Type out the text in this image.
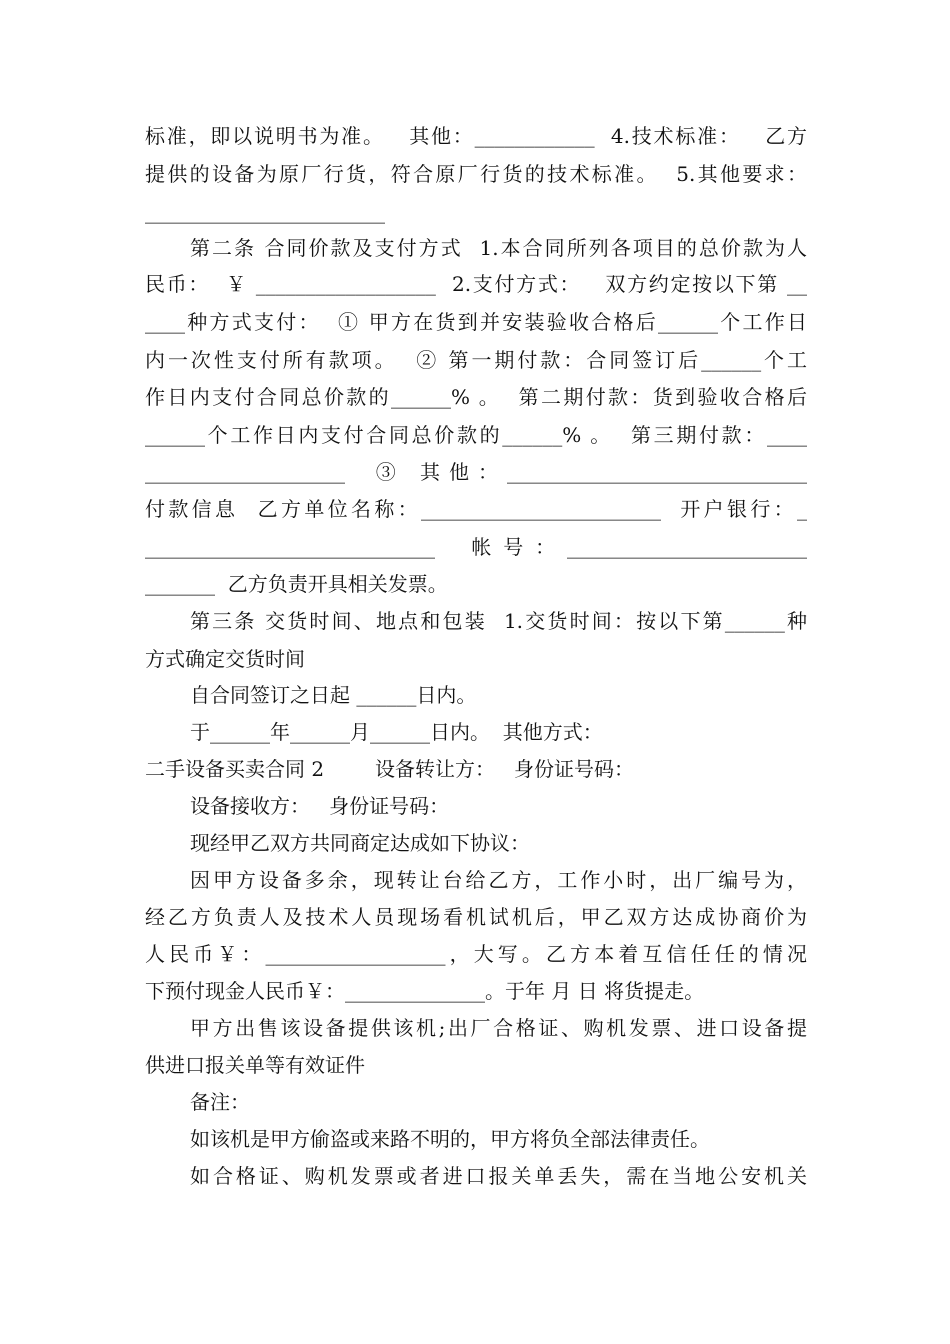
标准，即以说明书为准。   其他：____________  4.技术标准：   乙方

提供的设备为原厂行货，符合原厂行货的技术标准。  5.其他要求：

________________________

第二条 合同价款及支付方式  1.本合同所列各项目的总价款为人

民币：  ￥ __________________  2.支付方式：   双方约定按以下第 __

____种方式支付：  ① 甲方在货到并安装验收合格后______个工作日

内一次性支付所有款项。  ② 第一期付款：合同签订后______个工

作日内支付合同总价款的______% 。  第二期付款：货到验收合格后

______个工作日内支付合同总价款的______% 。  第三期付款：____

____________________  ③ 其他：______________________________

付款信息  乙方单位名称：________________________  开户银行：_

_____________________________  帐号：________________________

_______  乙方负责开具相关发票。

第三条 交货时间、地点和包装  1.交货时间：按以下第______种

方式确定交货时间

自合同签订之日起 ______日内。

于______年______月______日内。  其他方式：

二手设备买卖合同 2        设备转让方：   身份证号码：

设备接收方：   身份证号码：

现经甲乙双方共同商定达成如下协议：

因甲方设备多余，现转让台给乙方，工作小时，出厂编号为，

经乙方负责人及技术人员现场看机试机后，甲乙双方达成协商价为

人民币￥：__________________，大写。乙方本着互信任任的情况

下预付现金人民币￥：______________。于年 月 日 将货提走。

甲方出售该设备提供该机;出厂合格证、购机发票、进口设备提

供进口报关单等有效证件

备注：

如该机是甲方偷盗或来路不明的，甲方将负全部法律责任。

如合格证、购机发票或者进口报关单丢失，需在当地公安机关
